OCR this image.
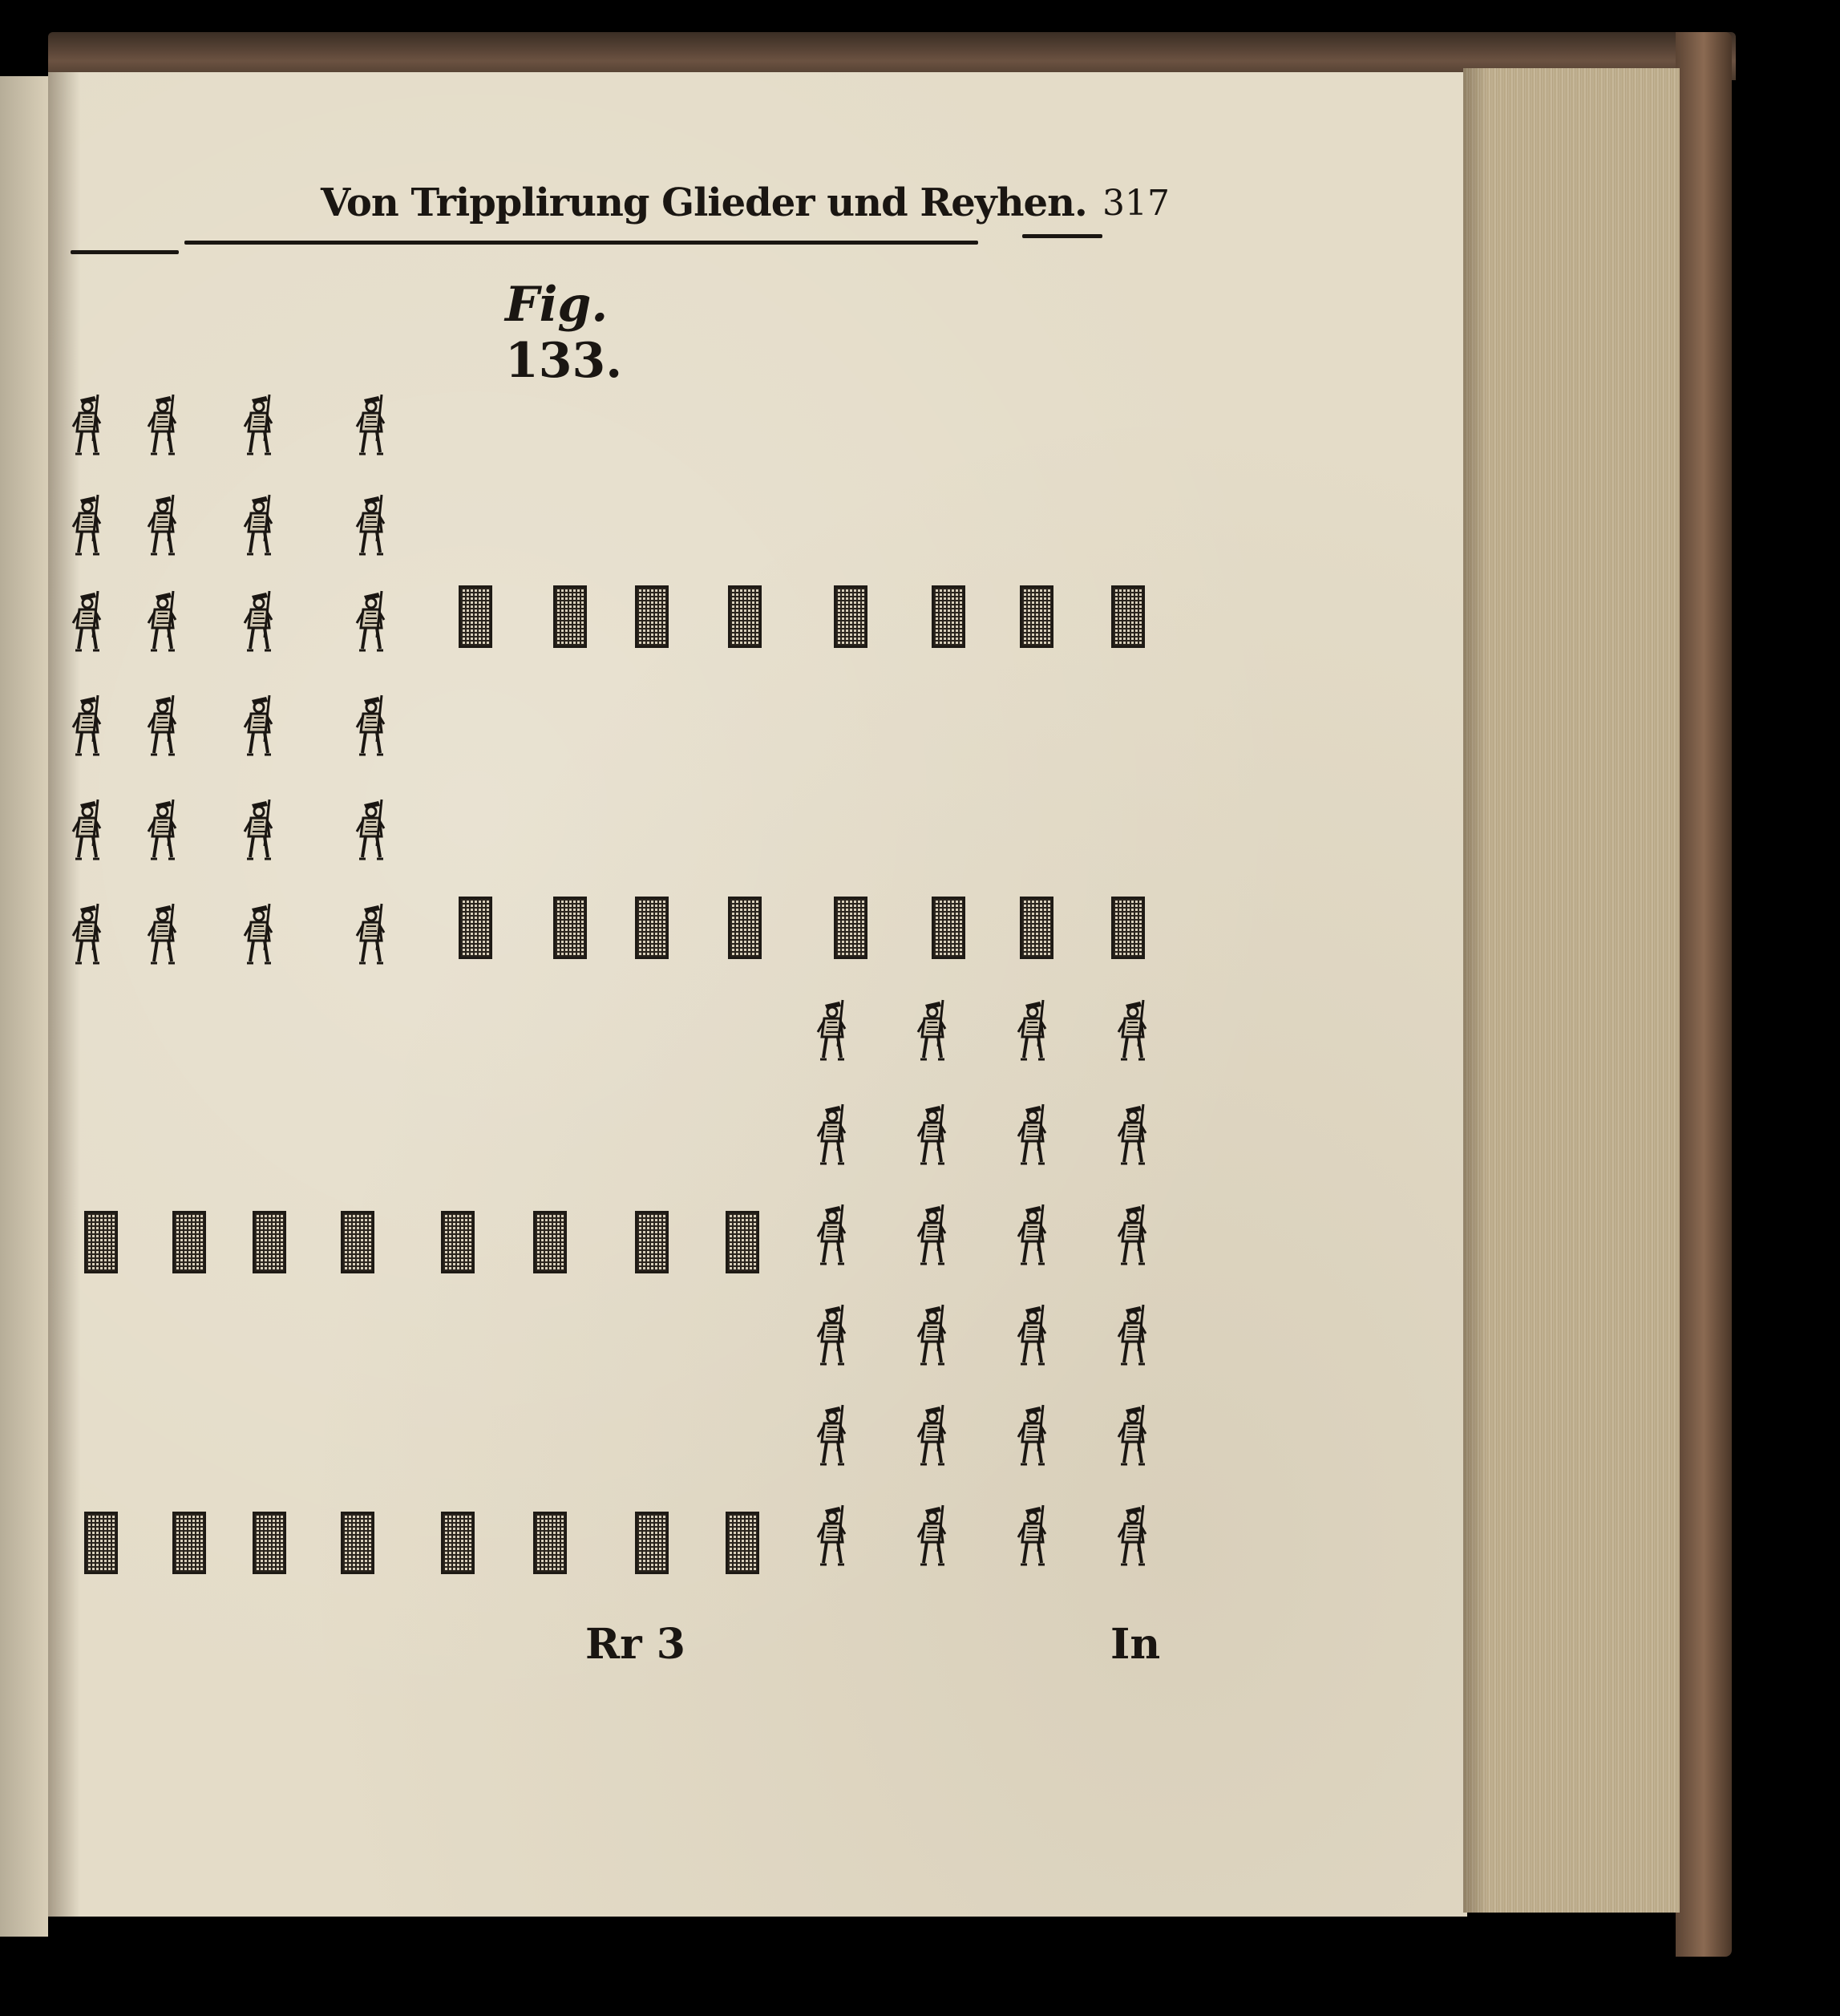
Von Tripplirung Glieder und Reyhen. 317
Fig. 133.
Rr 3	In
